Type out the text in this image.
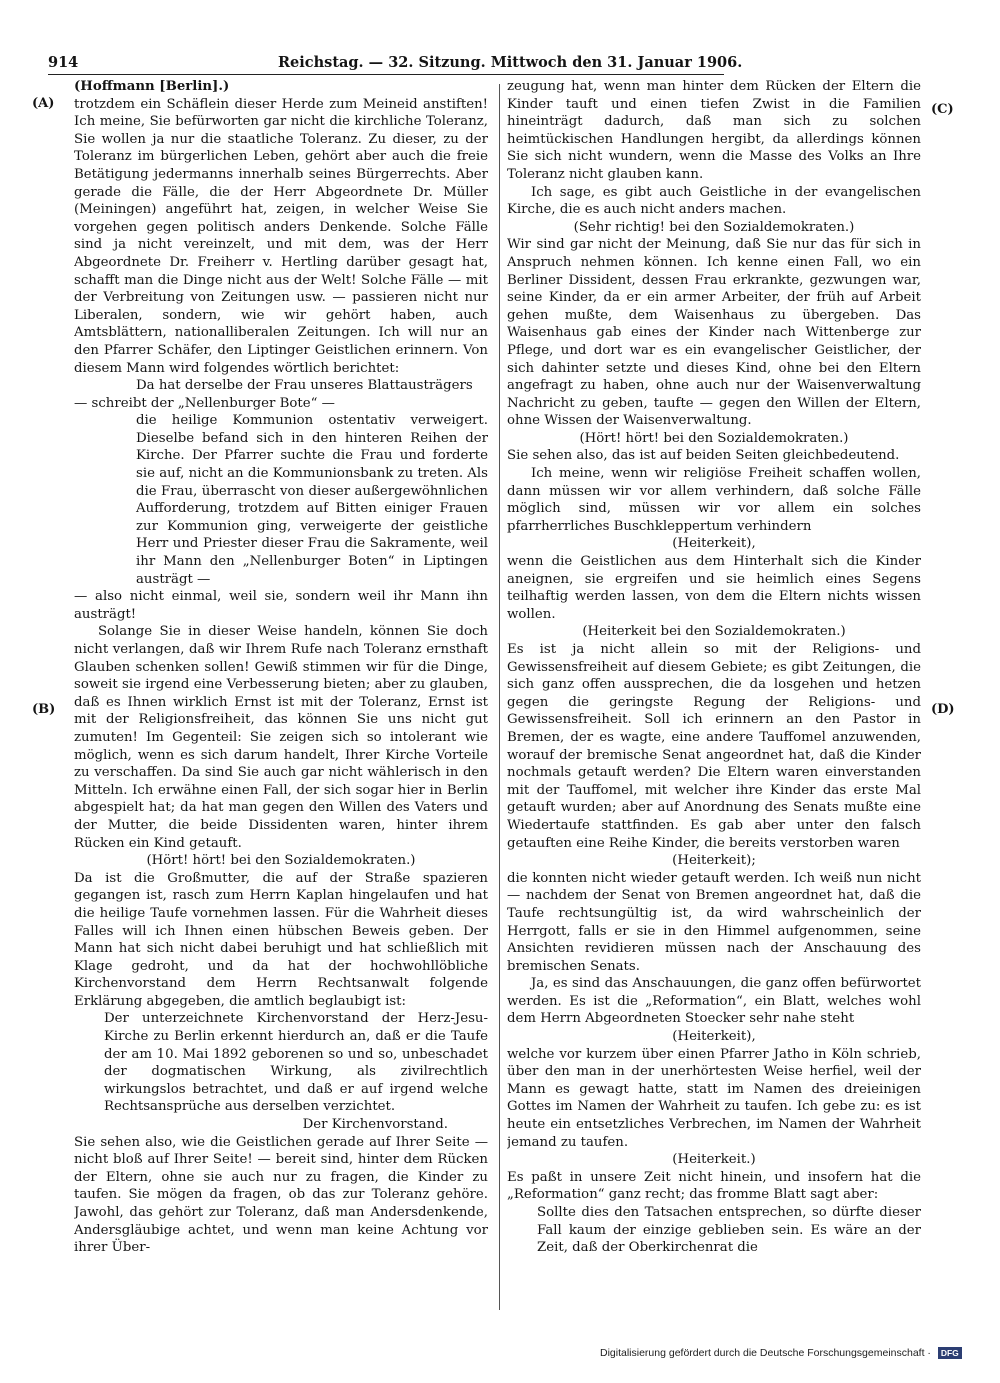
914	Reichstag. — 32. Sitzung. Mittwoch den 31. Januar 1906.
(A)
(B)
(C)
(D)

(Hoffmann [Berlin].)

trotzdem ein Schäflein dieser Herde zum Meineid anstiften! Ich meine, Sie befürworten gar nicht die kirchliche Toleranz, Sie wollen ja nur die staatliche Toleranz. Zu dieser, zu der Toleranz im bürgerlichen Leben, gehört aber auch die freie Betätigung jedermanns innerhalb seines Bürgerrechts. Aber gerade die Fälle, die der Herr Abgeordnete Dr. Müller (Meiningen) angeführt hat, zeigen, in welcher Weise Sie vorgehen gegen politisch anders Denkende. Solche Fälle sind ja nicht vereinzelt, und mit dem, was der Herr Abgeordnete Dr. Freiherr v. Hertling darüber gesagt hat, schafft man die Dinge nicht aus der Welt! Solche Fälle — mit der Verbreitung von Zeitungen usw. — passieren nicht nur Liberalen, sondern, wie wir gehört haben, auch Amtsblättern, nationalliberalen Zeitungen. Ich will nur an den Pfarrer Schäfer, den Liptinger Geistlichen erinnern. Von diesem Mann wird folgendes wörtlich berichtet:

Da hat derselbe der Frau unseres Blattausträgers

— schreibt der „Nellenburger Bote“ —

die heilige Kommunion ostentativ verweigert. Dieselbe befand sich in den hinteren Reihen der Kirche. Der Pfarrer suchte die Frau und forderte sie auf, nicht an die Kommunionsbank zu treten. Als die Frau, überrascht von dieser außergewöhnlichen Aufforderung, trotzdem auf Bitten einiger Frauen zur Kommunion ging, verweigerte der geistliche Herr und Priester dieser Frau die Sakramente, weil ihr Mann den „Nellenburger Boten“ in Liptingen austrägt —

— also nicht einmal, weil sie, sondern weil ihr Mann ihn austrägt!

Solange Sie in dieser Weise handeln, können Sie doch nicht verlangen, daß wir Ihrem Rufe nach Toleranz ernsthaft Glauben schenken sollen! Gewiß stimmen wir für die Dinge, soweit sie irgend eine Verbesserung bieten; aber zu glauben, daß es Ihnen wirklich Ernst ist mit der Toleranz, Ernst ist mit der Religionsfreiheit, das können Sie uns nicht gut zumuten! Im Gegenteil: Sie zeigen sich so intolerant wie möglich, wenn es sich darum handelt, Ihrer Kirche Vorteile zu verschaffen. Da sind Sie auch gar nicht wählerisch in den Mitteln. Ich erwähne einen Fall, der sich sogar hier in Berlin abgespielt hat; da hat man gegen den Willen des Vaters und der Mutter, die beide Dissidenten waren, hinter ihrem Rücken ein Kind getauft.

(Hört! hört! bei den Sozialdemokraten.)

Da ist die Großmutter, die auf der Straße spazieren gegangen ist, rasch zum Herrn Kaplan hingelaufen und hat die heilige Taufe vornehmen lassen. Für die Wahrheit dieses Falles will ich Ihnen einen hübschen Beweis geben. Der Mann hat sich nicht dabei beruhigt und hat schließlich mit Klage gedroht, und da hat der hochwohllöbliche Kirchenvorstand dem Herrn Rechtsanwalt folgende Erklärung abgegeben, die amtlich beglaubigt ist:

Der unterzeichnete Kirchenvorstand der Herz-Jesu-Kirche zu Berlin erkennt hierdurch an, daß er die Taufe der am 10. Mai 1892 geborenen so und so, unbeschadet der dogmatischen Wirkung, als zivilrechtlich wirkungslos betrachtet, und daß er auf irgend welche Rechtsansprüche aus derselben verzichtet.

Der Kirchenvorstand.

Sie sehen also, wie die Geistlichen gerade auf Ihrer Seite — nicht bloß auf Ihrer Seite! — bereit sind, hinter dem Rücken der Eltern, ohne sie auch nur zu fragen, die Kinder zu taufen. Sie mögen da fragen, ob das zur Toleranz gehöre. Jawohl, das gehört zur Toleranz, daß man Andersdenkende, Andersgläubige achtet, und wenn man keine Achtung vor ihrer Über-

zeugung hat, wenn man hinter dem Rücken der Eltern die Kinder tauft und einen tiefen Zwist in die Familien hineinträgt dadurch, daß man sich zu solchen heimtückischen Handlungen hergibt, da allerdings können Sie sich nicht wundern, wenn die Masse des Volks an Ihre Toleranz nicht glauben kann.

Ich sage, es gibt auch Geistliche in der evangelischen Kirche, die es auch nicht anders machen.

(Sehr richtig! bei den Sozialdemokraten.)

Wir sind gar nicht der Meinung, daß Sie nur das für sich in Anspruch nehmen können. Ich kenne einen Fall, wo ein Berliner Dissident, dessen Frau erkrankte, gezwungen war, seine Kinder, da er ein armer Arbeiter, der früh auf Arbeit gehen mußte, dem Waisenhaus zu übergeben. Das Waisenhaus gab eines der Kinder nach Wittenberge zur Pflege, und dort war es ein evangelischer Geistlicher, der sich dahinter setzte und dieses Kind, ohne bei den Eltern angefragt zu haben, ohne auch nur der Waisenverwaltung Nachricht zu geben, taufte — gegen den Willen der Eltern, ohne Wissen der Waisenverwaltung.

(Hört! hört! bei den Sozialdemokraten.)

Sie sehen also, das ist auf beiden Seiten gleichbedeutend.

Ich meine, wenn wir religiöse Freiheit schaffen wollen, dann müssen wir vor allem verhindern, daß solche Fälle möglich sind, müssen wir vor allem ein solches pfarrherrliches Buschkleppertum verhindern

(Heiterkeit),

wenn die Geistlichen aus dem Hinterhalt sich die Kinder aneignen, sie ergreifen und sie heimlich eines Segens teilhaftig werden lassen, von dem die Eltern nichts wissen wollen.

(Heiterkeit bei den Sozialdemokraten.)

Es ist ja nicht allein so mit der Religions- und Gewissensfreiheit auf diesem Gebiete; es gibt Zeitungen, die sich ganz offen aussprechen, die da losgehen und hetzen gegen die geringste Regung der Religions- und Gewissensfreiheit. Soll ich erinnern an den Pastor in Bremen, der es wagte, eine andere Tauffomel anzuwenden, worauf der bremische Senat angeordnet hat, daß die Kinder nochmals getauft werden? Die Eltern waren einverstanden mit der Tauffomel, mit welcher ihre Kinder das erste Mal getauft wurden; aber auf Anordnung des Senats mußte eine Wiedertaufe stattfinden. Es gab aber unter den falsch getauften eine Reihe Kinder, die bereits verstorben waren

(Heiterkeit);

die konnten nicht wieder getauft werden. Ich weiß nun nicht — nachdem der Senat von Bremen angeordnet hat, daß die Taufe rechtsungültig ist, da wird wahrscheinlich der Herrgott, falls er sie in den Himmel aufgenommen, seine Ansichten revidieren müssen nach der Anschauung des bremischen Senats.

Ja, es sind das Anschauungen, die ganz offen befürwortet werden. Es ist die „Reformation“, ein Blatt, welches wohl dem Herrn Abgeordneten Stoecker sehr nahe steht

(Heiterkeit),

welche vor kurzem über einen Pfarrer Jatho in Köln schrieb, über den man in der unerhörtesten Weise herfiel, weil der Mann es gewagt hatte, statt im Namen des dreieinigen Gottes im Namen der Wahrheit zu taufen. Ich gebe zu: es ist heute ein entsetzliches Verbrechen, im Namen der Wahrheit jemand zu taufen.

(Heiterkeit.)

Es paßt in unsere Zeit nicht hinein, und insofern hat die „Reformation“ ganz recht; das fromme Blatt sagt aber:

Sollte dies den Tatsachen entsprechen, so dürfte dieser Fall kaum der einzige geblieben sein. Es wäre an der Zeit, daß der Oberkirchenrat die

Digitalisierung gefördert durch die Deutsche Forschungsgemeinschaft · DFG
